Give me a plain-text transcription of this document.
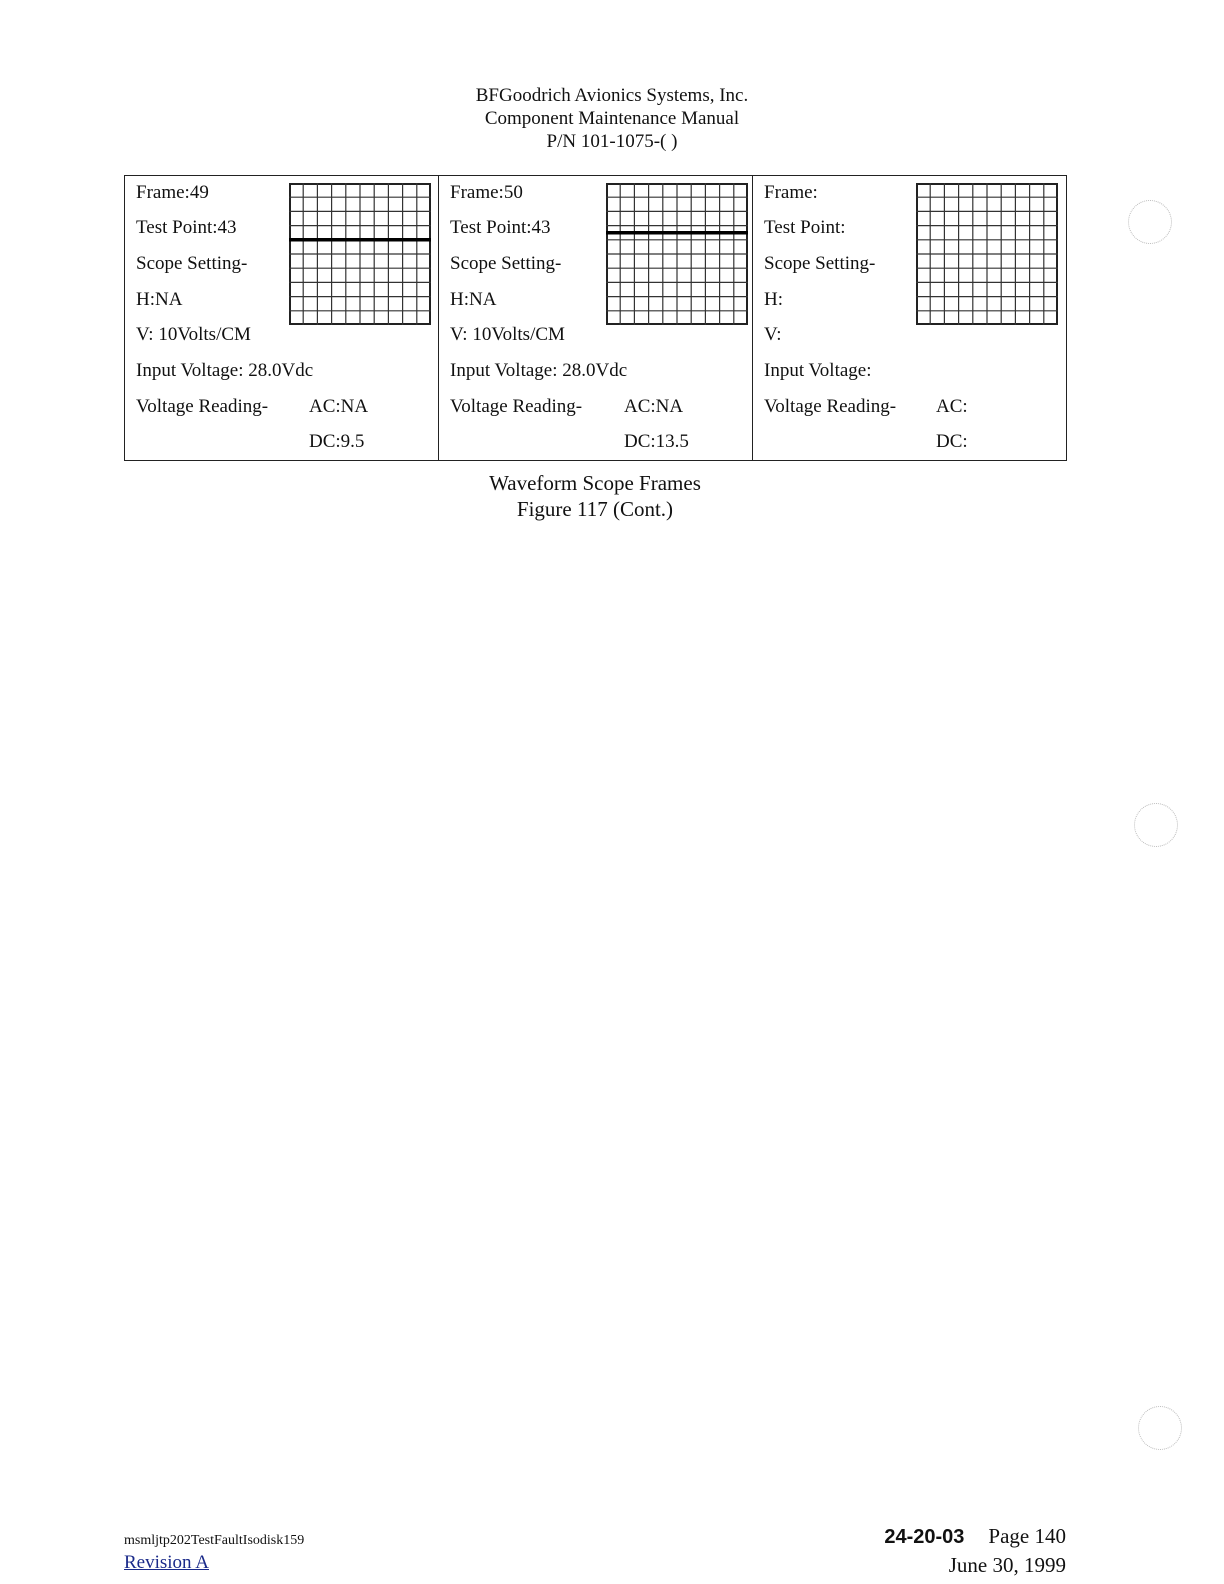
BFGoodrich Avionics Systems, Inc.
Component Maintenance Manual
P/N 101-1075-( )
Frame:49
Test Point:43
Scope Setting-
H:NA
V: 10Volts/CM
Input Voltage: 28.0Vdc
Voltage Reading- AC:NA
DC:9.5
Frame:50
Test Point:43
Scope Setting-
H:NA
V: 10Volts/CM
Input Voltage: 28.0Vdc
Voltage Reading- AC:NA
DC:13.5
Frame:
Test Point:
Scope Setting-
H:
V:
Input Voltage:
Voltage Reading- AC:
DC:
Waveform Scope Frames
Figure 117 (Cont.)
msmljtp202TestFaultIsodisk159
Revision A
24-20-03 Page 140
June 30, 1999
